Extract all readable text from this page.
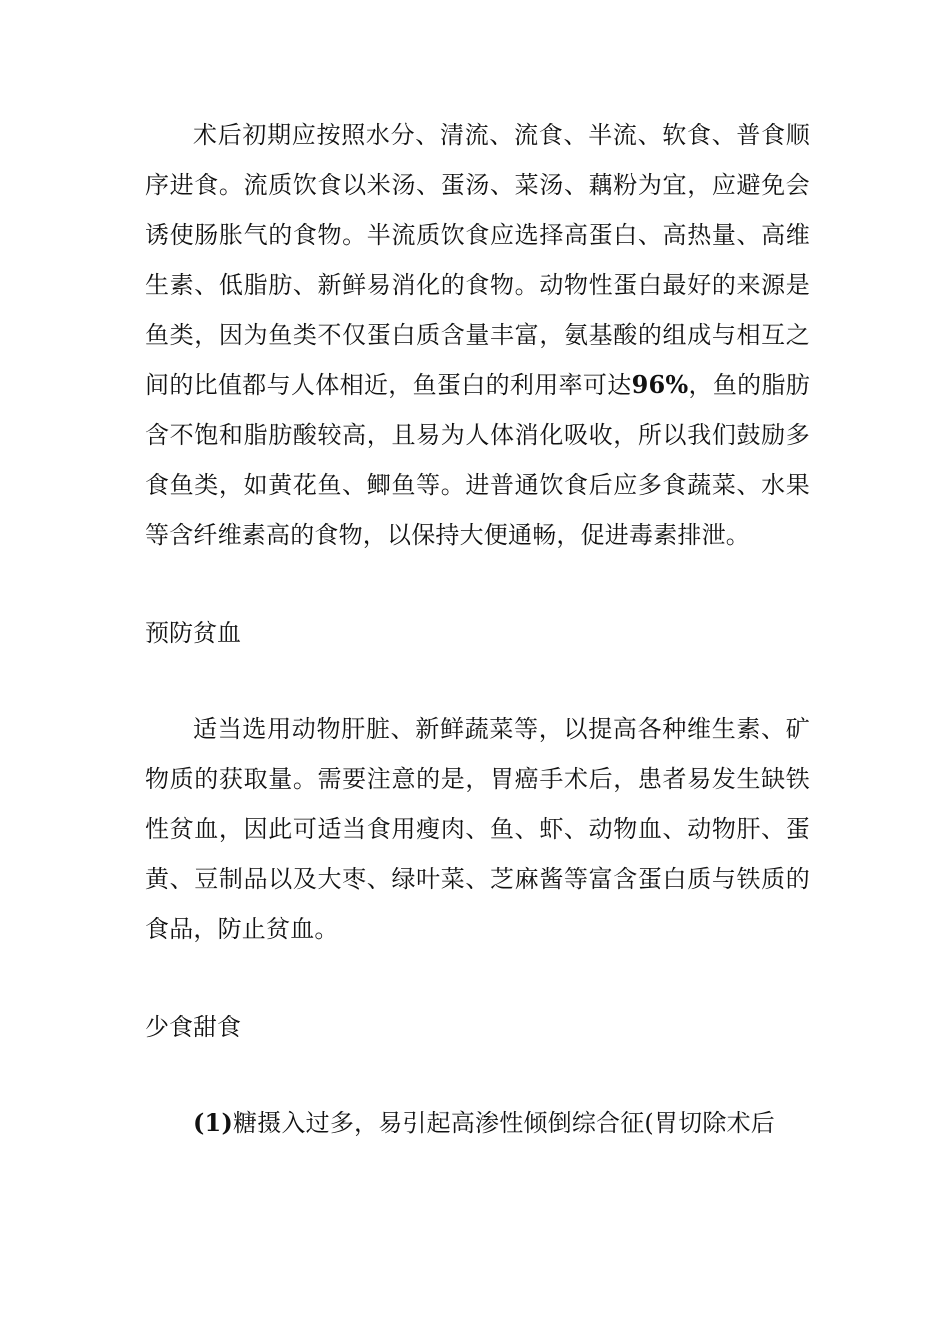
术后初期应按照水分、清流、流食、半流、软食、普食顺序进食。流质饮食以米汤、蛋汤、菜汤、藕粉为宜，应避免会诱使肠胀气的食物。半流质饮食应选择高蛋白、高热量、高维生素、低脂肪、新鲜易消化的食物。动物性蛋白最好的来源是鱼类，因为鱼类不仅蛋白质含量丰富，氨基酸的组成与相互之间的比值都与人体相近，鱼蛋白的利用率可达96%，鱼的脂肪含不饱和脂肪酸较高，且易为人体消化吸收，所以我们鼓励多食鱼类，如黄花鱼、鲫鱼等。进普通饮食后应多食蔬菜、水果等含纤维素高的食物，以保持大便通畅，促进毒素排泄。

预防贫血

适当选用动物肝脏、新鲜蔬菜等，以提高各种维生素、矿物质的获取量。需要注意的是，胃癌手术后，患者易发生缺铁性贫血，因此可适当食用瘦肉、鱼、虾、动物血、动物肝、蛋黄、豆制品以及大枣、绿叶菜、芝麻酱等富含蛋白质与铁质的食品，防止贫血。

少食甜食

(1)糖摄入过多，易引起高渗性倾倒综合征(胃切除术后
